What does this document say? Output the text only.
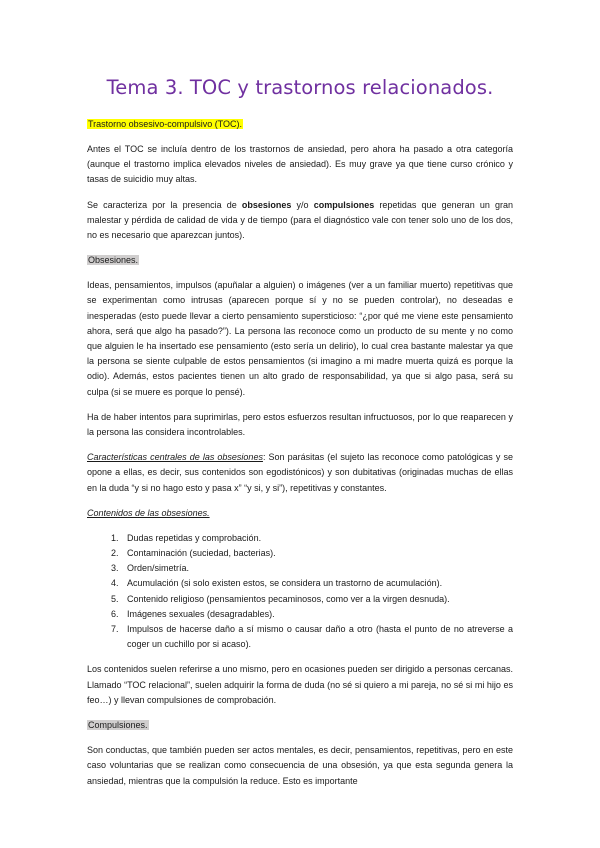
Tema 3. TOC y trastornos relacionados.
Trastorno obsesivo-compulsivo (TOC).

Antes el TOC se incluía dentro de los trastornos de ansiedad, pero ahora ha pasado a otra categoría (aunque el trastorno implica elevados niveles de ansiedad). Es muy grave ya que tiene curso crónico y tasas de suicidio muy altas.

Se caracteriza por la presencia de obsesiones y/o compulsiones repetidas que generan un gran malestar y pérdida de calidad de vida y de tiempo (para el diagnóstico vale con tener solo uno de los dos, no es necesario que aparezcan juntos).

Obsesiones.

Ideas, pensamientos, impulsos (apuñalar a alguien) o imágenes (ver a un familiar muerto) repetitivas que se experimentan como intrusas (aparecen porque sí y no se pueden controlar), no deseadas e inesperadas (esto puede llevar a cierto pensamiento supersticioso: “¿por qué me viene este pensamiento ahora, será que algo ha pasado?”). La persona las reconoce como un producto de su mente y no como que alguien le ha insertado ese pensamiento (esto sería un delirio), lo cual crea bastante malestar ya que la persona se siente culpable de estos pensamientos (si imagino a mi madre muerta quizá es porque la odio). Además, estos pacientes tienen un alto grado de responsabilidad, ya que si algo pasa, será su culpa (si se muere es porque lo pensé).

Ha de haber intentos para suprimirlas, pero estos esfuerzos resultan infructuosos, por lo que reaparecen y la persona las considera incontrolables.

Características centrales de las obsesiones: Son parásitas (el sujeto las reconoce como patológicas y se opone a ellas, es decir, sus contenidos son egodistónicos) y son dubitativas (originadas muchas de ellas en la duda “y si no hago esto y pasa x” “y si, y si”), repetitivas y constantes.

Contenidos de las obsesiones.
1. Dudas repetidas y comprobación.
2. Contaminación (suciedad, bacterias).
3. Orden/simetría.
4. Acumulación (si solo existen estos, se considera un trastorno de acumulación).
5. Contenido religioso (pensamientos pecaminosos, como ver a la virgen desnuda).
6. Imágenes sexuales (desagradables).
7. Impulsos de hacerse daño a sí mismo o causar daño a otro (hasta el punto de no atreverse a coger un cuchillo por si acaso).

Los contenidos suelen referirse a uno mismo, pero en ocasiones pueden ser dirigido a personas cercanas. Llamado “TOC relacional”, suelen adquirir la forma de duda (no sé si quiero a mi pareja, no sé si mi hijo es feo…) y llevan compulsiones de comprobación.

Compulsiones.

Son conductas, que también pueden ser actos mentales, es decir, pensamientos, repetitivas, pero en este caso voluntarias que se realizan como consecuencia de una obsesión, ya que esta segunda genera la ansiedad, mientras que la compulsión la reduce. Esto es importante
